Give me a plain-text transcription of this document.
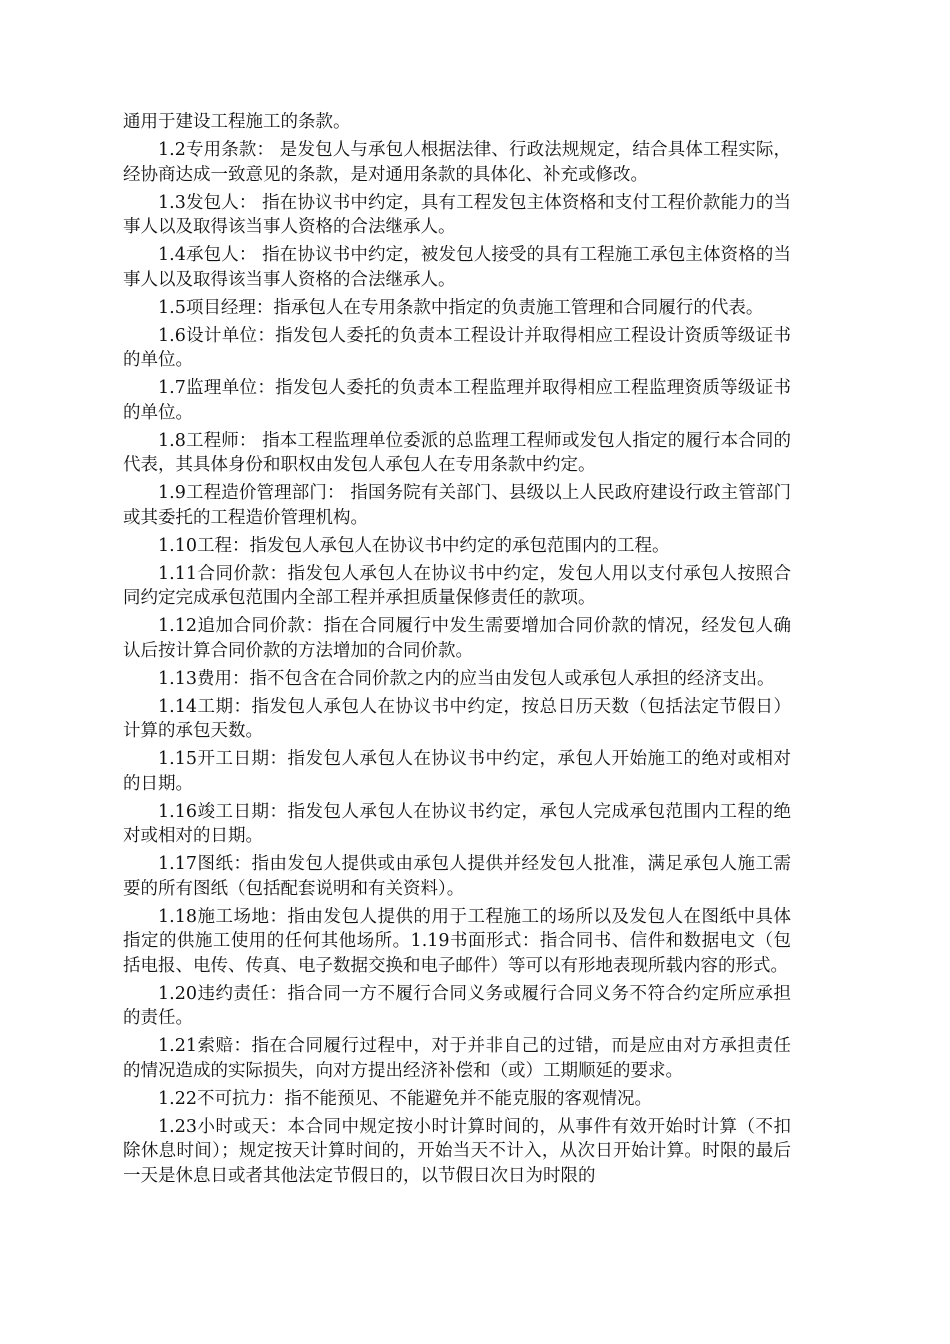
通用于建设工程施工的条款。

1.2专用条款： 是发包人与承包人根据法律、行政法规规定，结合具体工程实际，经协商达成一致意见的条款，是对通用条款的具体化、补充或修改。

1.3发包人： 指在协议书中约定，具有工程发包主体资格和支付工程价款能力的当事人以及取得该当事人资格的合法继承人。

1.4承包人： 指在协议书中约定，被发包人接受的具有工程施工承包主体资格的当事人以及取得该当事人资格的合法继承人。

1.5项目经理：指承包人在专用条款中指定的负责施工管理和合同履行的代表。

1.6设计单位：指发包人委托的负责本工程设计并取得相应工程设计资质等级证书的单位。

1.7监理单位：指发包人委托的负责本工程监理并取得相应工程监理资质等级证书的单位。

1.8工程师： 指本工程监理单位委派的总监理工程师或发包人指定的履行本合同的代表，其具体身份和职权由发包人承包人在专用条款中约定。

1.9工程造价管理部门： 指国务院有关部门、县级以上人民政府建设行政主管部门或其委托的工程造价管理机构。

1.10工程：指发包人承包人在协议书中约定的承包范围内的工程。

1.11合同价款：指发包人承包人在协议书中约定，发包人用以支付承包人按照合同约定完成承包范围内全部工程并承担质量保修责任的款项。

1.12追加合同价款：指在合同履行中发生需要增加合同价款的情况，经发包人确认后按计算合同价款的方法增加的合同价款。

1.13费用：指不包含在合同价款之内的应当由发包人或承包人承担的经济支出。

1.14工期：指发包人承包人在协议书中约定，按总日历天数（包括法定节假日）计算的承包天数。

1.15开工日期：指发包人承包人在协议书中约定，承包人开始施工的绝对或相对的日期。

1.16竣工日期：指发包人承包人在协议书约定，承包人完成承包范围内工程的绝对或相对的日期。

1.17图纸：指由发包人提供或由承包人提供并经发包人批准，满足承包人施工需要的所有图纸（包括配套说明和有关资料）。

1.18施工场地：指由发包人提供的用于工程施工的场所以及发包人在图纸中具体指定的供施工使用的任何其他场所。1.19书面形式：指合同书、信件和数据电文（包括电报、电传、传真、电子数据交换和电子邮件）等可以有形地表现所载内容的形式。

1.20违约责任：指合同一方不履行合同义务或履行合同义务不符合约定所应承担的责任。

1.21索赔：指在合同履行过程中，对于并非自己的过错，而是应由对方承担责任的情况造成的实际损失，向对方提出经济补偿和（或）工期顺延的要求。

1.22不可抗力：指不能预见、不能避免并不能克服的客观情况。

1.23小时或天：本合同中规定按小时计算时间的，从事件有效开始时计算（不扣除休息时间）；规定按天计算时间的，开始当天不计入，从次日开始计算。时限的最后一天是休息日或者其他法定节假日的，以节假日次日为时限的
